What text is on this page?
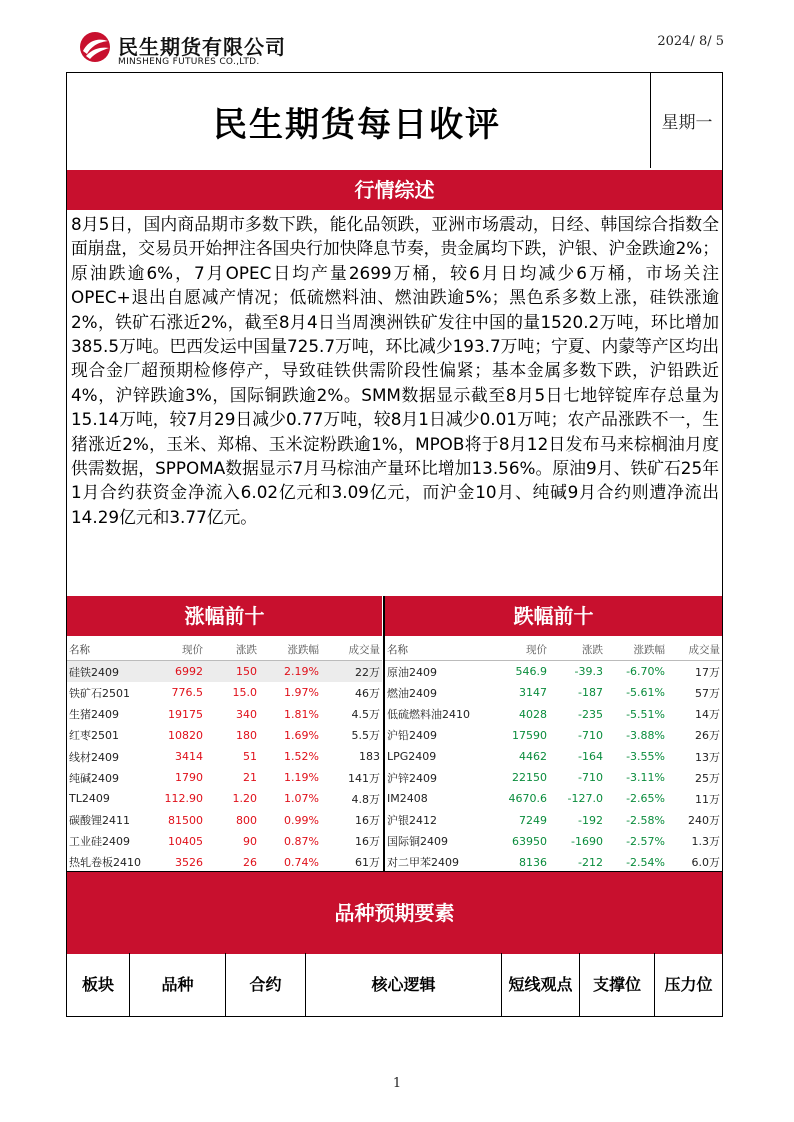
民生期货有限公司
MINSHENG FUTURES CO.,LTD.
2024/ 8/ 5
民生期货每日收评	星期一
行情综述
8月5日，国内商品期市多数下跌，能化品领跌，亚洲市场震动，日经、韩国综合指数全面崩盘，交易员开始押注各国央行加快降息节奏，贵金属均下跌，沪银、沪金跌逾2%；原油跌逾6%，7月OPEC日均产量2699万桶，较6月日均减少6万桶，市场关注OPEC+退出自愿减产情况；低硫燃料油、燃油跌逾5%；黑色系多数上涨，硅铁涨逾2%，铁矿石涨近2%，截至8月4日当周澳洲铁矿发往中国的量1520.2万吨，环比增加385.5万吨。巴西发运中国量725.7万吨，环比减少193.7万吨；宁夏、内蒙等产区均出现合金厂超预期检修停产，导致硅铁供需阶段性偏紧；基本金属多数下跌，沪铅跌近4%，沪锌跌逾3%，国际铜跌逾2%。SMM数据显示截至8月5日七地锌锭库存总量为15.14万吨，较7月29日减少0.77万吨，较8月1日减少0.01万吨；农产品涨跌不一，生猪涨近2%，玉米、郑棉、玉米淀粉跌逾1%，MPOB将于8月12日发布马来棕榈油月度供需数据，SPPOMA数据显示7月马棕油产量环比增加13.56%。原油9月、铁矿石25年1月合约获资金净流入6.02亿元和3.09亿元，而沪金10月、纯碱9月合约则遭净流出14.29亿元和3.77亿元。
涨幅前十	跌幅前十
名称	现价	涨跌	涨跌幅	成交量
硅铁2409	6992	150	2.19%	22万
铁矿石2501	776.5	15.0	1.97%	46万
生猪2409	19175	340	1.81%	4.5万
红枣2501	10820	180	1.69%	5.5万
线材2409	3414	51	1.52%	183
纯碱2409	1790	21	1.19%	141万
TL2409	112.90	1.20	1.07%	4.8万
碳酸锂2411	81500	800	0.99%	16万
工业硅2409	10405	90	0.87%	16万
热轧卷板2410	3526	26	0.74%	61万
名称	现价	涨跌	涨跌幅	成交量
原油2409	546.9	-39.3	-6.70%	17万
燃油2409	3147	-187	-5.61%	57万
低硫燃料油2410	4028	-235	-5.51%	14万
沪铅2409	17590	-710	-3.88%	26万
LPG2409	4462	-164	-3.55%	13万
沪锌2409	22150	-710	-3.11%	25万
IM2408	4670.6	-127.0	-2.65%	11万
沪银2412	7249	-192	-2.58%	240万
国际铜2409	63950	-1690	-2.57%	1.3万
对二甲苯2409	8136	-212	-2.54%	6.0万
品种预期要素
板块	品种	合约	核心逻辑	短线观点	支撑位	压力位
1
